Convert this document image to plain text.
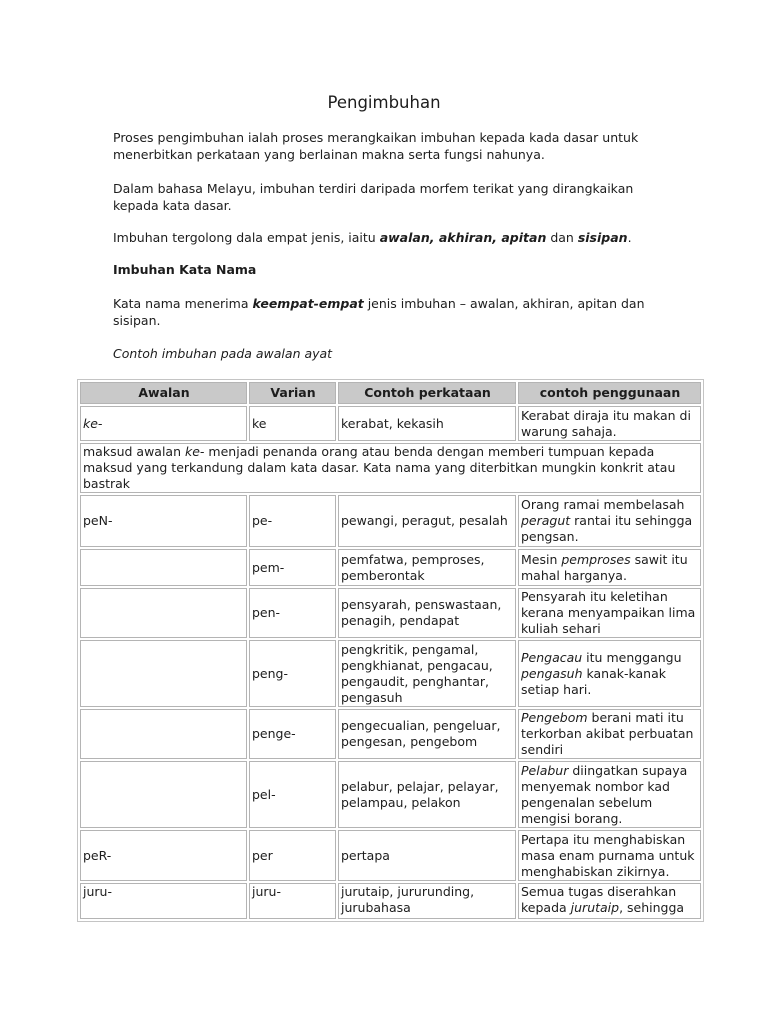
Pengimbuhan

Proses pengimbuhan ialah proses merangkaikan imbuhan kepada kada dasar untuk menerbitkan perkataan yang berlainan makna serta fungsi nahunya.

Dalam bahasa Melayu, imbuhan terdiri daripada morfem terikat yang dirangkaikan kepada kata dasar.

Imbuhan tergolong dala empat jenis, iaitu awalan, akhiran, apitan dan sisipan.

Imbuhan Kata Nama

Kata nama menerima keempat-empat jenis imbuhan – awalan, akhiran, apitan dan sisipan.

Contoh imbuhan pada awalan ayat

Awalan	Varian	Contoh perkataan	contoh penggunaan
ke-	ke	kerabat, kekasih	Kerabat diraja itu makan di warung sahaja.
maksud awalan ke- menjadi penanda orang atau benda dengan memberi tumpuan kepada maksud yang terkandung dalam kata dasar. Kata nama yang diterbitkan mungkin konkrit atau bastrak			
peN-	pe-	pewangi, peragut, pesalah	Orang ramai membelasah peragut rantai itu sehingga pengsan.
	pem-	pemfatwa, pemproses, pemberontak	Mesin pemproses sawit itu mahal harganya.
	pen-	pensyarah, penswastaan, penagih, pendapat	Pensyarah itu keletihan kerana menyampaikan lima kuliah sehari
	peng-	pengkritik, pengamal, pengkhianat, pengacau, pengaudit, penghantar, pengasuh	Pengacau itu menggangu pengasuh kanak-kanak setiap hari.
	penge-	pengecualian, pengeluar, pengesan, pengebom	Pengebom berani mati itu terkorban akibat perbuatan sendiri
	pel-	pelabur, pelajar, pelayar, pelampau, pelakon	Pelabur diingatkan supaya menyemak nombor kad pengenalan sebelum mengisi borang.
peR-	per	pertapa	Pertapa itu menghabiskan masa enam purnama untuk menghabiskan zikirnya.
juru-	juru-	jurutaip, jururunding, jurubahasa	Semua tugas diserahkan kepada jurutaip, sehingga
